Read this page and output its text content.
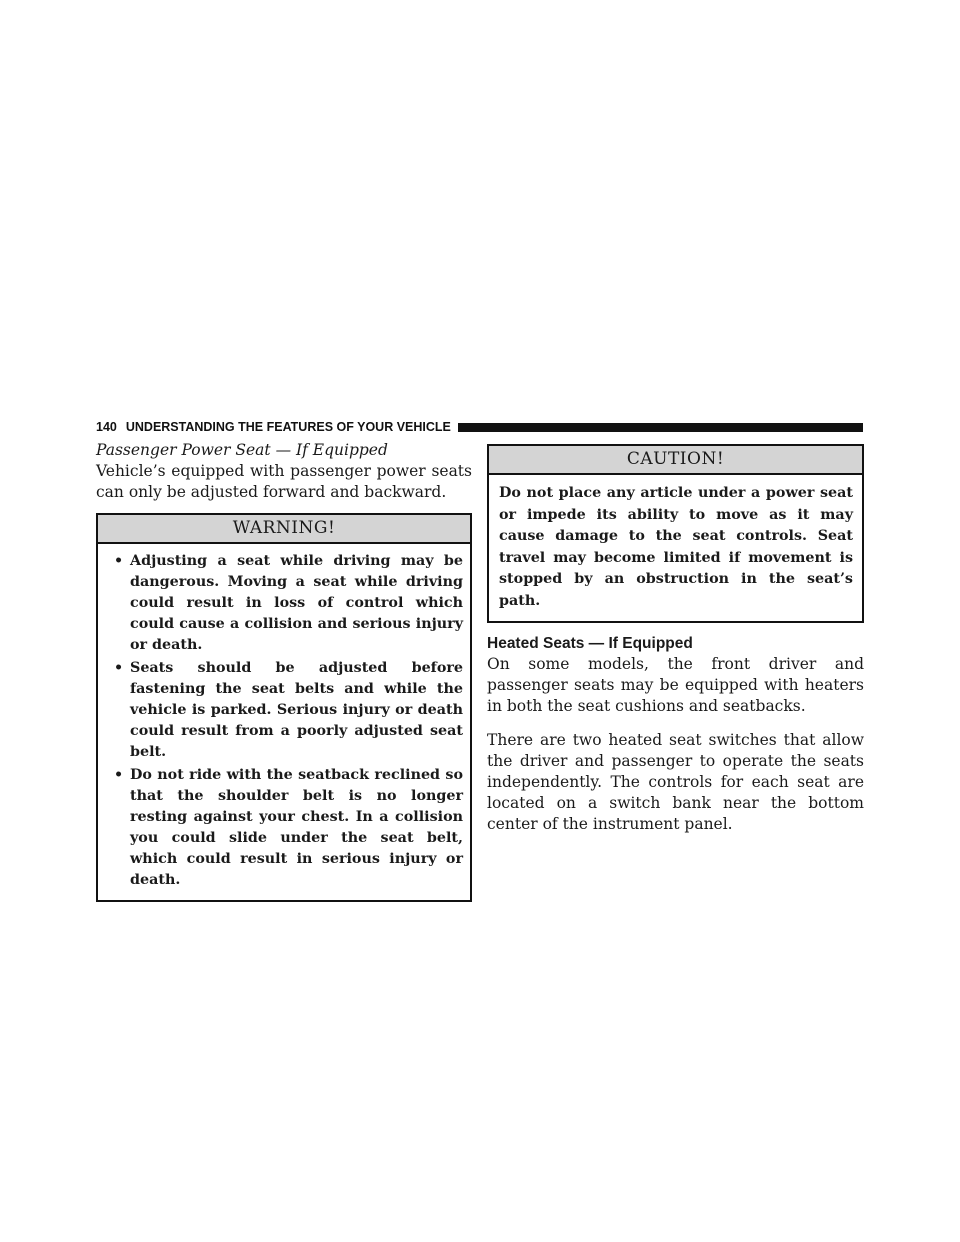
140 UNDERSTANDING THE FEATURES OF YOUR VEHICLE

Passenger Power Seat — If Equipped

Vehicle’s equipped with passenger power seats can only be adjusted forward and backward.

WARNING!
• Adjusting a seat while driving may be dangerous. Moving a seat while driving could result in loss of control which could cause a collision and serious injury or death.
• Seats should be adjusted before fastening the seat belts and while the vehicle is parked. Serious injury or death could result from a poorly adjusted seat belt.
• Do not ride with the seatback reclined so that the shoulder belt is no longer resting against your chest. In a collision you could slide under the seat belt, which could result in serious injury or death.
CAUTION!

Do not place any article under a power seat or impede its ability to move as it may cause damage to the seat controls. Seat travel may become limited if movement is stopped by an obstruction in the seat’s path.

Heated Seats — If Equipped

On some models, the front driver and passenger seats may be equipped with heaters in both the seat cushions and seatbacks.

There are two heated seat switches that allow the driver and passenger to operate the seats independently. The controls for each seat are located on a switch bank near the bottom center of the instrument panel.
